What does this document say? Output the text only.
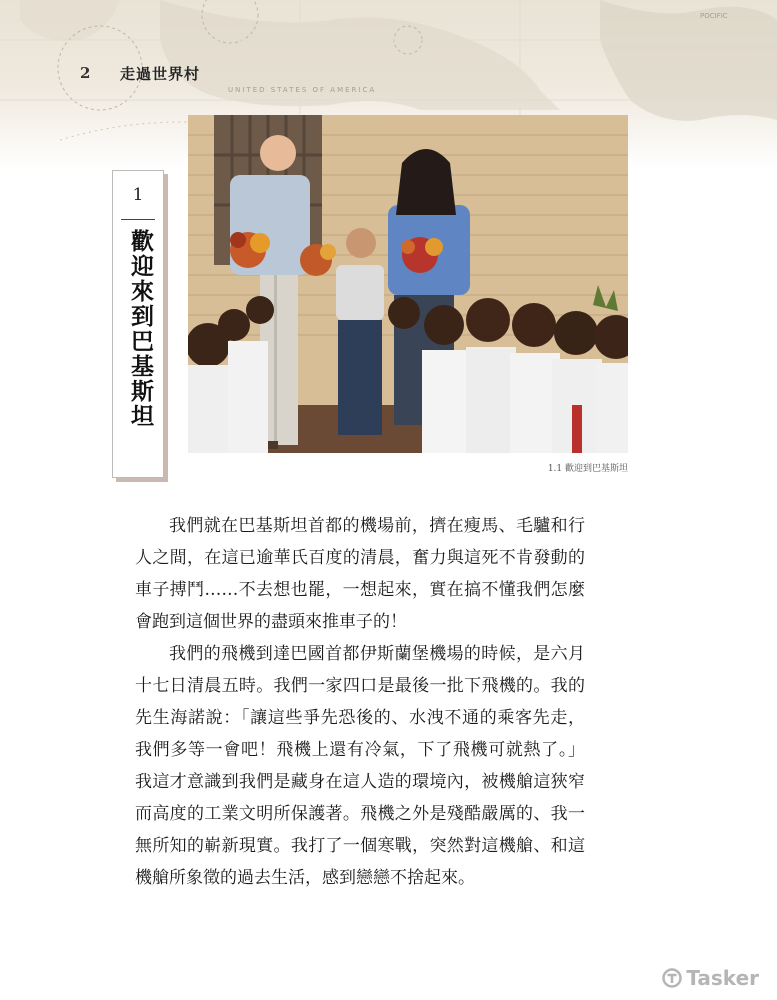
UNITED STATES OF AMERICA
POCIFIC
2 走過世界村
1
歡迎來到巴基斯坦
1.1 歡迎到巴基斯坦

我們就在巴基斯坦首都的機場前，擠在瘦馬、毛驢和行人之間，在這已逾華氏百度的清晨，奮力與這死不肯發動的車子搏鬥……不去想也罷，一想起來，實在搞不懂我們怎麼會跑到這個世界的盡頭來推車子的！

我們的飛機到達巴國首都伊斯蘭堡機場的時候，是六月十七日清晨五時。我們一家四口是最後一批下飛機的。我的先生海諾說：「讓這些爭先恐後的、水洩不通的乘客先走，我們多等一會吧！飛機上還有冷氣，下了飛機可就熱了。」我這才意識到我們是藏身在這人造的環境內，被機艙這狹窄而高度的工業文明所保護著。飛機之外是殘酷嚴厲的、我一無所知的嶄新現實。我打了一個寒戰，突然對這機艙、和這機艙所象徵的過去生活，感到戀戀不捨起來。

Tasker
